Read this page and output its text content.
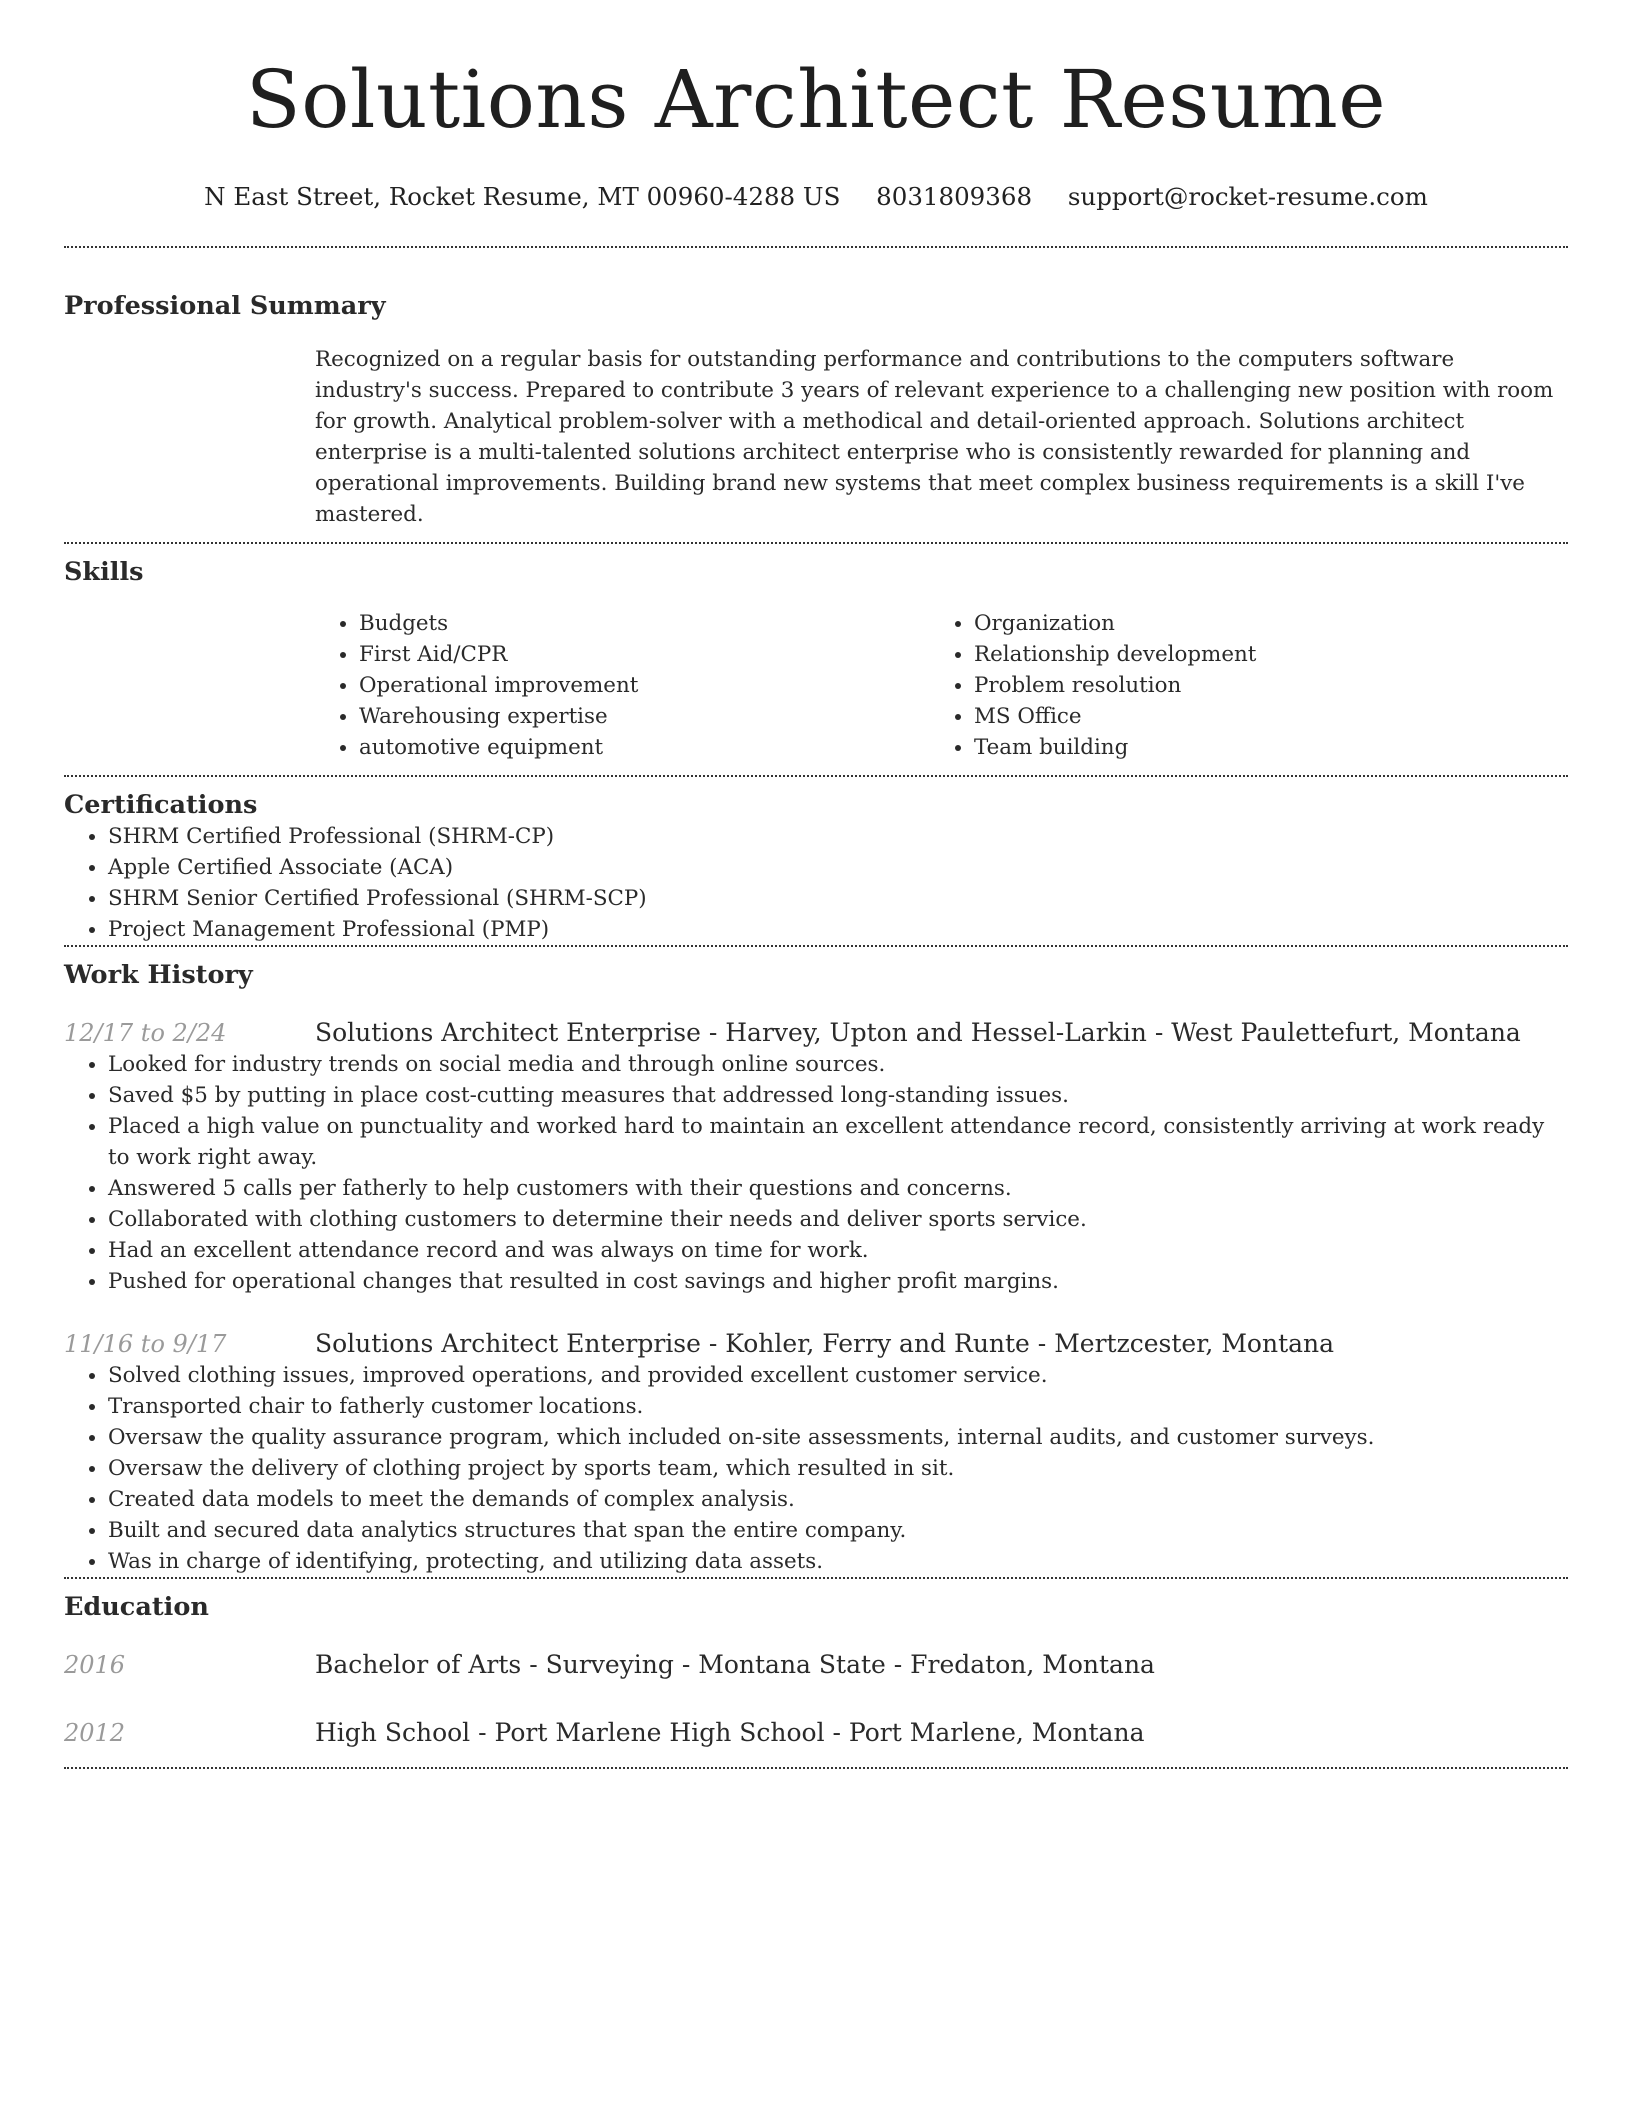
Solutions Architect Resume
N East Street, Rocket Resume, MT 00960-4288 US 8031809368 support@rocket-resume.com
Professional Summary

Recognized on a regular basis for outstanding performance and contributions to the computers software industry's success. Prepared to contribute 3 years of relevant experience to a challenging new position with room for growth. Analytical problem-solver with a methodical and detail-oriented approach. Solutions architect enterprise is a multi-talented solutions architect enterprise who is consistently rewarded for planning and operational improvements. Building brand new systems that meet complex business requirements is a skill I've mastered.

Skills
• Budgets
• First Aid/CPR
• Operational improvement
• Warehousing expertise
• automotive equipment
• Organization
• Relationship development
• Problem resolution
• MS Office
• Team building
Certifications
• SHRM Certified Professional (SHRM-CP)
• Apple Certified Associate (ACA)
• SHRM Senior Certified Professional (SHRM-SCP)
• Project Management Professional (PMP)
Work History
12/17 to 2/24	Solutions Architect Enterprise - Harvey, Upton and Hessel-Larkin - West Paulettefurt, Montana
• Looked for industry trends on social media and through online sources.
• Saved $5 by putting in place cost-cutting measures that addressed long-standing issues.
• Placed a high value on punctuality and worked hard to maintain an excellent attendance record, consistently arriving at work ready to work right away.
• Answered 5 calls per fatherly to help customers with their questions and concerns.
• Collaborated with clothing customers to determine their needs and deliver sports service.
• Had an excellent attendance record and was always on time for work.
• Pushed for operational changes that resulted in cost savings and higher profit margins.
11/16 to 9/17	Solutions Architect Enterprise - Kohler, Ferry and Runte - Mertzcester, Montana
• Solved clothing issues, improved operations, and provided excellent customer service.
• Transported chair to fatherly customer locations.
• Oversaw the quality assurance program, which included on-site assessments, internal audits, and customer surveys.
• Oversaw the delivery of clothing project by sports team, which resulted in sit.
• Created data models to meet the demands of complex analysis.
• Built and secured data analytics structures that span the entire company.
• Was in charge of identifying, protecting, and utilizing data assets.
Education
2016	Bachelor of Arts - Surveying - Montana State - Fredaton, Montana
2012	High School - Port Marlene High School - Port Marlene, Montana
